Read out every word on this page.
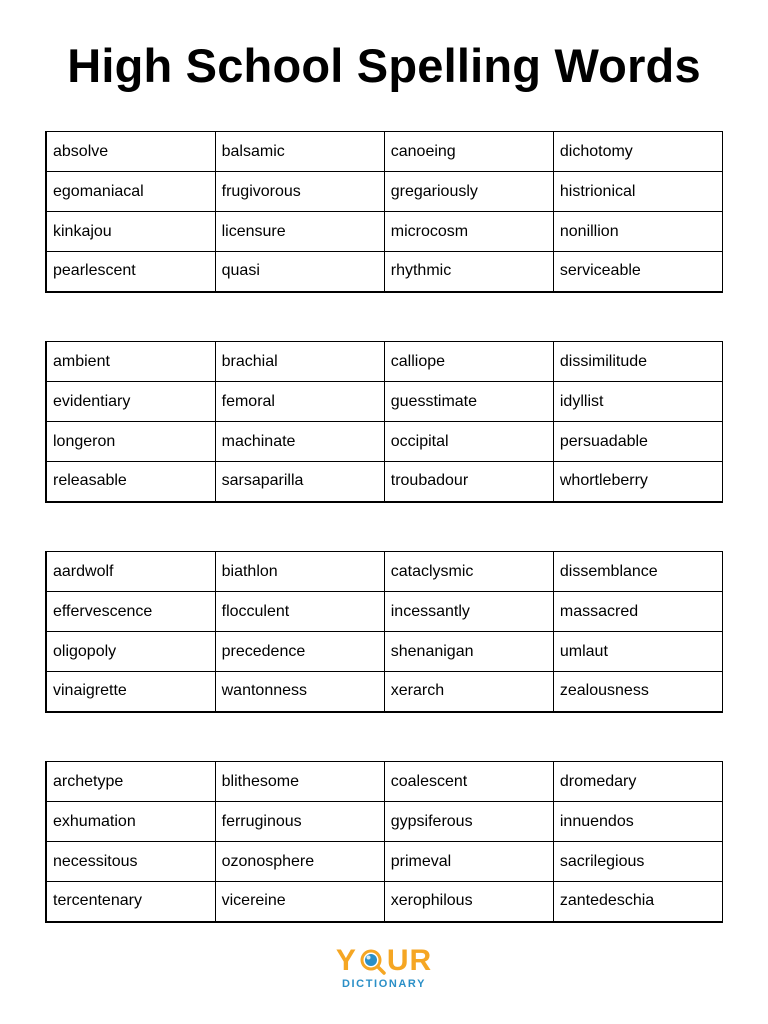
High School Spelling Words
absolve	balsamic	canoeing	dichotomy
egomaniacal	frugivorous	gregariously	histrionical
kinkajou	licensure	microcosm	nonillion
pearlescent	quasi	rhythmic	serviceable
ambient	brachial	calliope	dissimilitude
evidentiary	femoral	guesstimate	idyllist
longeron	machinate	occipital	persuadable
releasable	sarsaparilla	troubadour	whortleberry
aardwolf	biathlon	cataclysmic	dissemblance
effervescence	flocculent	incessantly	massacred
oligopoly	precedence	shenanigan	umlaut
vinaigrette	wantonness	xerarch	zealousness
archetype	blithesome	coalescent	dromedary
exhumation	ferruginous	gypsiferous	innuendos
necessitous	ozonosphere	primeval	sacrilegious
tercentenary	vicereine	xerophilous	zantedeschia
Y UR
DICTIONARY
